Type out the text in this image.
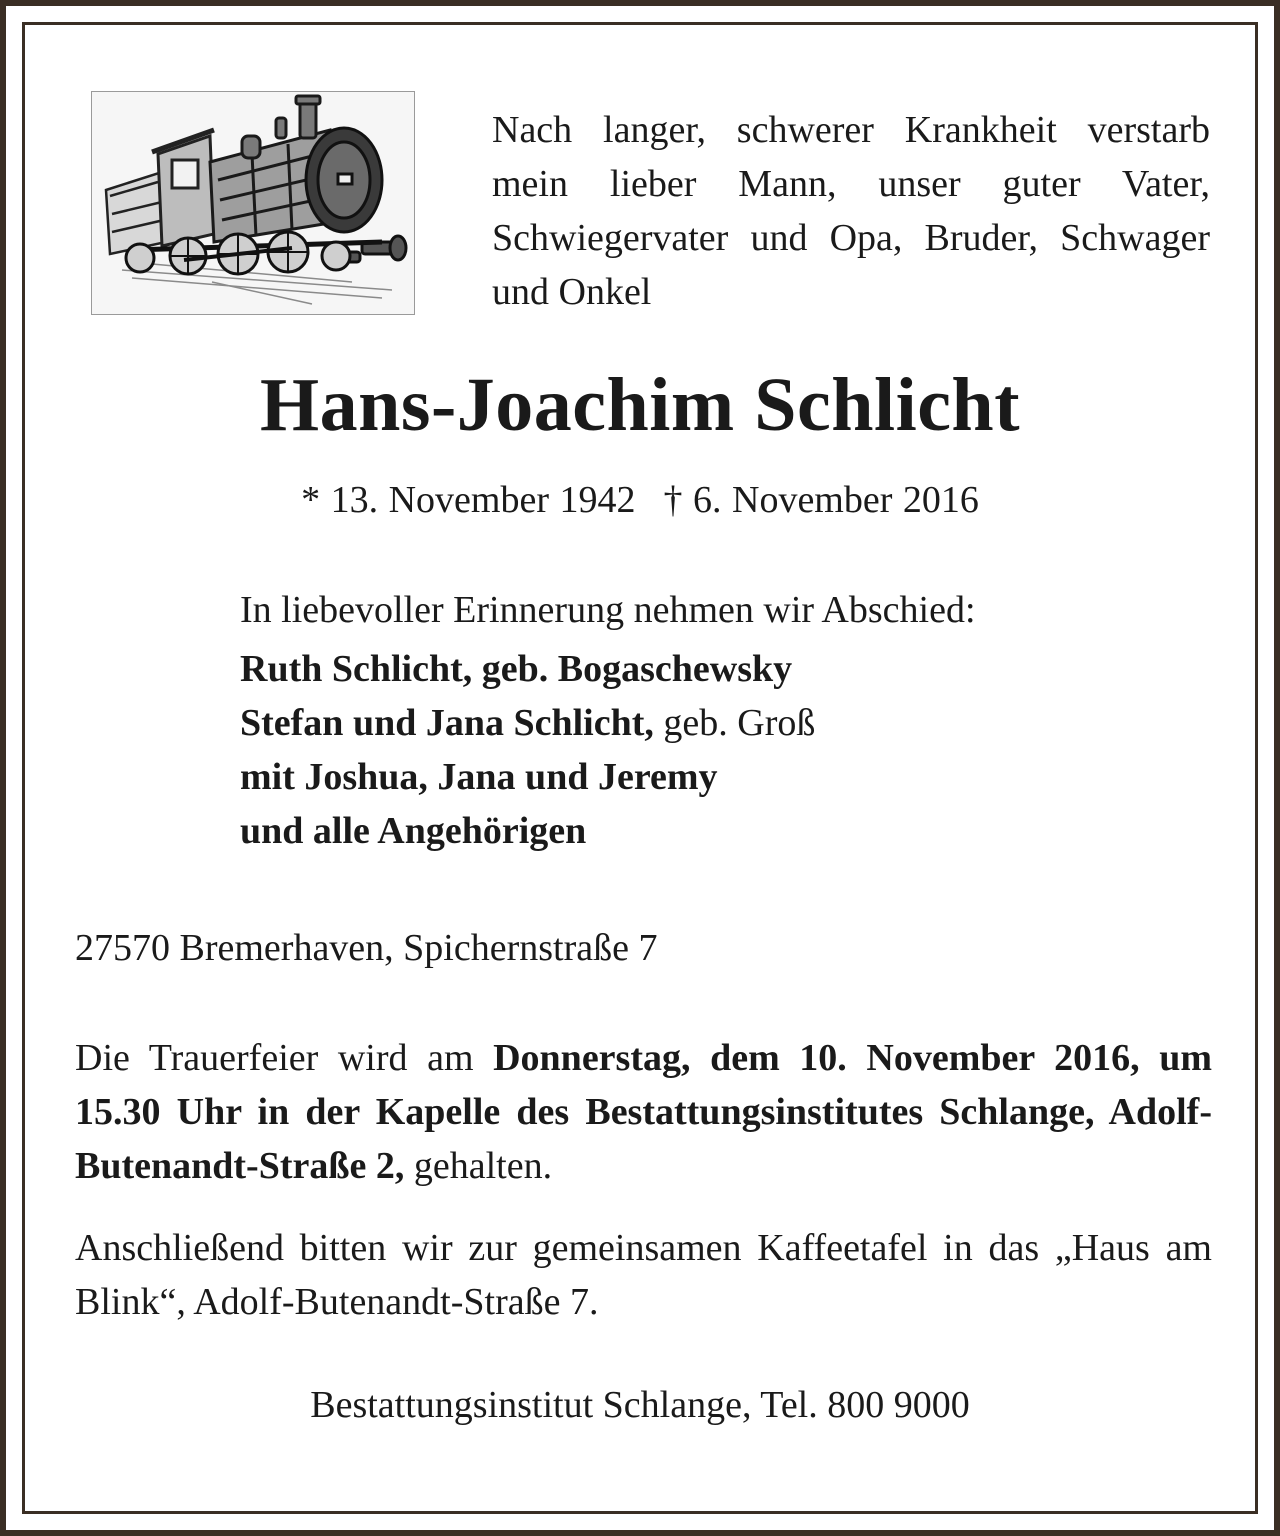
Nach langer, schwerer Krankheit verstarb mein lieber Mann, unser guter Vater, Schwiegervater und Opa, Bruder, Schwager und Onkel

Hans-Joachim Schlicht
* 13. November 1942 † 6. November 2016
In liebevoller Erinnerung nehmen wir Abschied:
Ruth Schlicht, geb. Bogaschewsky
Stefan und Jana Schlicht, geb. Groß
mit Joshua, Jana und Jeremy
und alle Angehörigen
27570 Bremerhaven, Spichernstraße 7

Die Trauerfeier wird am Donnerstag, dem 10. November 2016, um 15.30 Uhr in der Kapelle des Bestattungsinstitutes Schlange, Adolf-Butenandt-Straße 2, gehalten.

Anschließend bitten wir zur gemeinsamen Kaffeetafel in das „Haus am Blink“, Adolf-Butenandt-Straße 7.

Bestattungsinstitut Schlange, Tel. 800 9000
